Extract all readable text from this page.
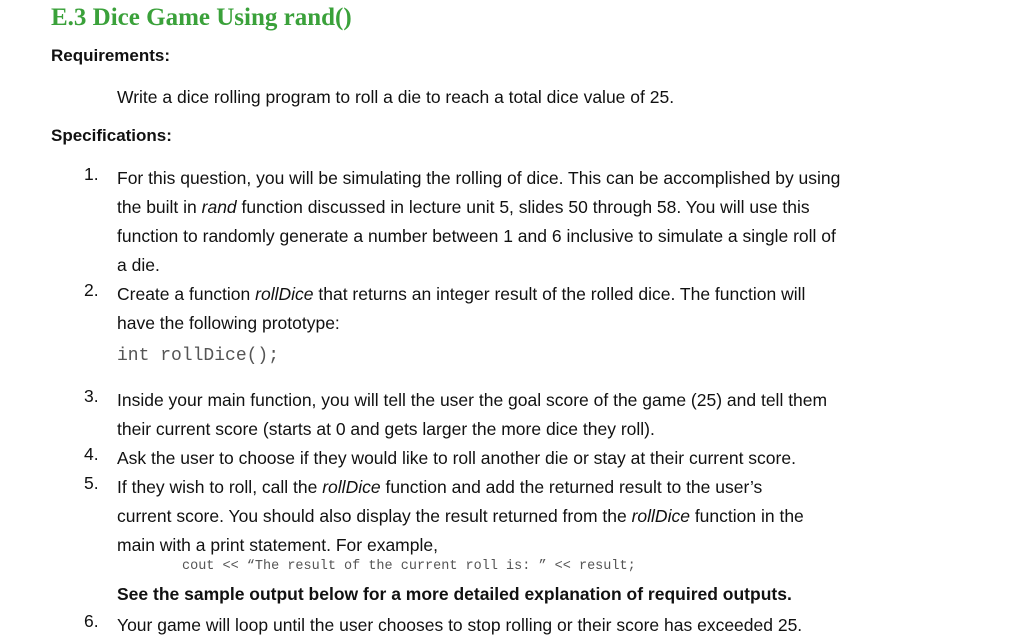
E.3 Dice Game Using rand()
Requirements:

Write a dice rolling program to roll a die to reach a total dice value of 25.

Specifications:
1. For this question, you will be simulating the rolling of dice. This can be accomplished by using
the built in rand function discussed in lecture unit 5, slides 50 through 58. You will use this
function to randomly generate a number between 1 and 6 inclusive to simulate a single roll of
a die.
2. Create a function rollDice that returns an integer result of the rolled dice. The function will
have the following prototype:
int rollDice();
3. Inside your main function, you will tell the user the goal score of the game (25) and tell them
their current score (starts at 0 and gets larger the more dice they roll).
4. Ask the user to choose if they would like to roll another die or stay at their current score.
5. If they wish to roll, call the rollDice function and add the returned result to the user’s
current score. You should also display the result returned from the rollDice function in the
main with a print statement. For example,
cout << “The result of the current roll is: ” << result;

See the sample output below for a more detailed explanation of required outputs.

6. Your game will loop until the user chooses to stop rolling or their score has exceeded 25.
